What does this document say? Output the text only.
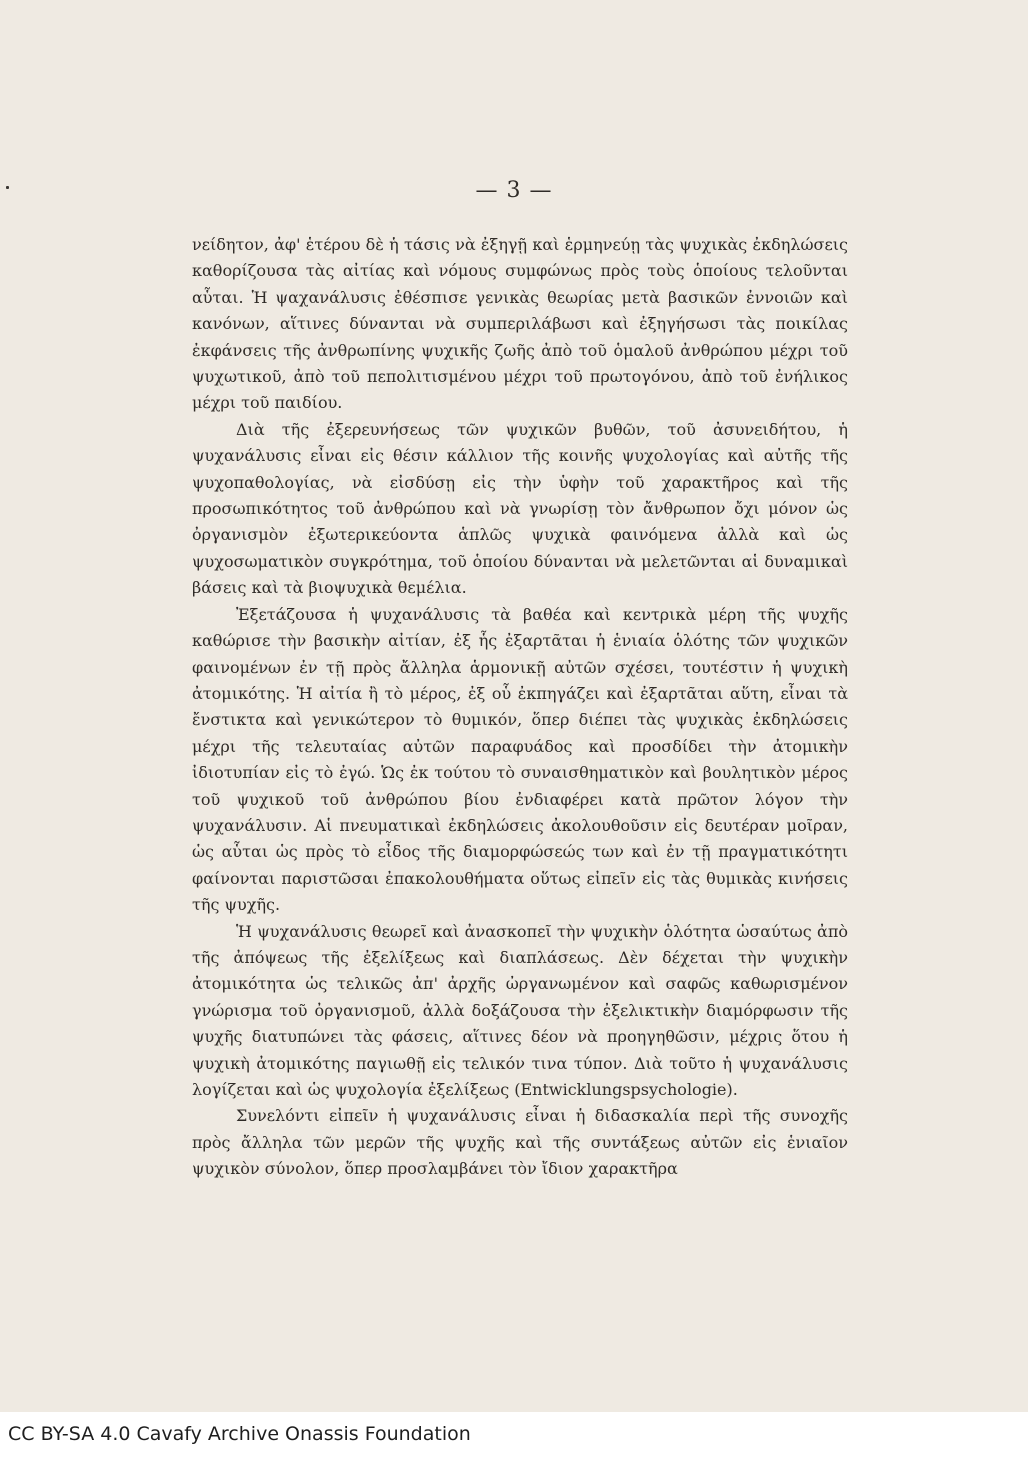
— 3 —

νείδητον, ἀφ' ἑτέρου δὲ ἡ τάσις νὰ ἐξηγῇ καὶ ἑρμηνεύῃ τὰς ψυχικὰς ἐκδηλώσεις καθορίζουσα τὰς αἰτίας καὶ νόμους συμφώνως πρὸς τοὺς ὁποίους τελοῦνται αὗται. Ἡ ψαχανάλυσις ἐθέσπισε γενικὰς θεωρίας μετὰ βασικῶν ἐννοιῶν καὶ κανόνων, αἵτινες δύνανται νὰ συμπεριλάβωσι καὶ ἐξηγήσωσι τὰς ποικίλας ἐκφάνσεις τῆς ἀνθρωπίνης ψυχικῆς ζωῆς ἀπὸ τοῦ ὁμαλοῦ ἀνθρώπου μέχρι τοῦ ψυχωτικοῦ, ἀπὸ τοῦ πεπολιτισμένου μέχρι τοῦ πρωτογόνου, ἀπὸ τοῦ ἐνήλικος μέχρι τοῦ παιδίου.

Διὰ τῆς ἐξερευνήσεως τῶν ψυχικῶν βυθῶν, τοῦ ἀσυνειδήτου, ἡ ψυχανάλυσις εἶναι εἰς θέσιν κάλλιον τῆς κοινῆς ψυχολογίας καὶ αὐτῆς τῆς ψυχοπαθολογίας, νὰ εἰσδύσῃ εἰς τὴν ὑφὴν τοῦ χαρακτῆρος καὶ τῆς προσωπικότητος τοῦ ἀνθρώπου καὶ νὰ γνωρίσῃ τὸν ἄνθρωπον ὄχι μόνον ὡς ὀργανισμὸν ἐξωτερικεύοντα ἁπλῶς ψυχικὰ φαινόμενα ἀλλὰ καὶ ὡς ψυχοσωματικὸν συγκρότημα, τοῦ ὁποίου δύνανται νὰ μελετῶνται αἱ δυναμικαὶ βάσεις καὶ τὰ βιοψυχικὰ θεμέλια.

Ἐξετάζουσα ἡ ψυχανάλυσις τὰ βαθέα καὶ κεντρικὰ μέρη τῆς ψυχῆς καθώρισε τὴν βασικὴν αἰτίαν, ἐξ ἧς ἐξαρτᾶται ἡ ἑνιαία ὁλότης τῶν ψυχικῶν φαινομένων ἐν τῇ πρὸς ἄλληλα ἁρμονικῇ αὐτῶν σχέσει, τουτέστιν ἡ ψυχικὴ ἀτομικότης. Ἡ αἰτία ἢ τὸ μέρος, ἐξ οὗ ἐκπηγάζει καὶ ἐξαρτᾶται αὕτη, εἶναι τὰ ἔνστικτα καὶ γενικώτερον τὸ θυμικόν, ὅπερ διέπει τὰς ψυχικὰς ἐκδηλώσεις μέχρι τῆς τελευταίας αὐτῶν παραφυάδος καὶ προσδίδει τὴν ἀτομικὴν ἰδιοτυπίαν εἰς τὸ ἐγώ. Ὡς ἐκ τούτου τὸ συναισθηματικὸν καὶ βουλητικὸν μέρος τοῦ ψυχικοῦ τοῦ ἀνθρώπου βίου ἐνδιαφέρει κατὰ πρῶτον λόγον τὴν ψυχανάλυσιν. Αἱ πνευματικαὶ ἐκδηλώσεις ἀκολουθοῦσιν εἰς δευτέραν μοῖραν, ὡς αὗται ὡς πρὸς τὸ εἶδος τῆς διαμορφώσεώς των καὶ ἐν τῇ πραγματικότητι φαίνονται παριστῶσαι ἐπακολουθήματα οὕτως εἰπεῖν εἰς τὰς θυμικὰς κινήσεις τῆς ψυχῆς.

Ἡ ψυχανάλυσις θεωρεῖ καὶ ἀνασκοπεῖ τὴν ψυχικὴν ὁλότητα ὡσαύτως ἀπὸ τῆς ἀπόψεως τῆς ἐξελίξεως καὶ διαπλάσεως. Δὲν δέχεται τὴν ψυχικὴν ἀτομικότητα ὡς τελικῶς ἀπ' ἀρχῆς ὠργανωμένον καὶ σαφῶς καθωρισμένον γνώρισμα τοῦ ὀργανισμοῦ, ἀλλὰ δοξάζουσα τὴν ἐξελικτικὴν διαμόρφωσιν τῆς ψυχῆς διατυπώνει τὰς φάσεις, αἵτινες δέον νὰ προηγηθῶσιν, μέχρις ὅτου ἡ ψυχικὴ ἀτομικότης παγιωθῇ εἰς τελικόν τινα τύπον. Διὰ τοῦτο ἡ ψυχανάλυσις λογίζεται καὶ ὡς ψυχολογία ἐξελίξεως (Entwicklungspsychologie).

Συνελόντι εἰπεῖν ἡ ψυχανάλυσις εἶναι ἡ διδασκαλία περὶ τῆς συνοχῆς πρὸς ἄλληλα τῶν μερῶν τῆς ψυχῆς καὶ τῆς συντάξεως αὐτῶν εἰς ἑνιαῖον ψυχικὸν σύνολον, ὅπερ προσλαμβάνει τὸν ἴδιον χαρακτῆρα

CC BY-SA 4.0 Cavafy Archive Onassis Foundation
